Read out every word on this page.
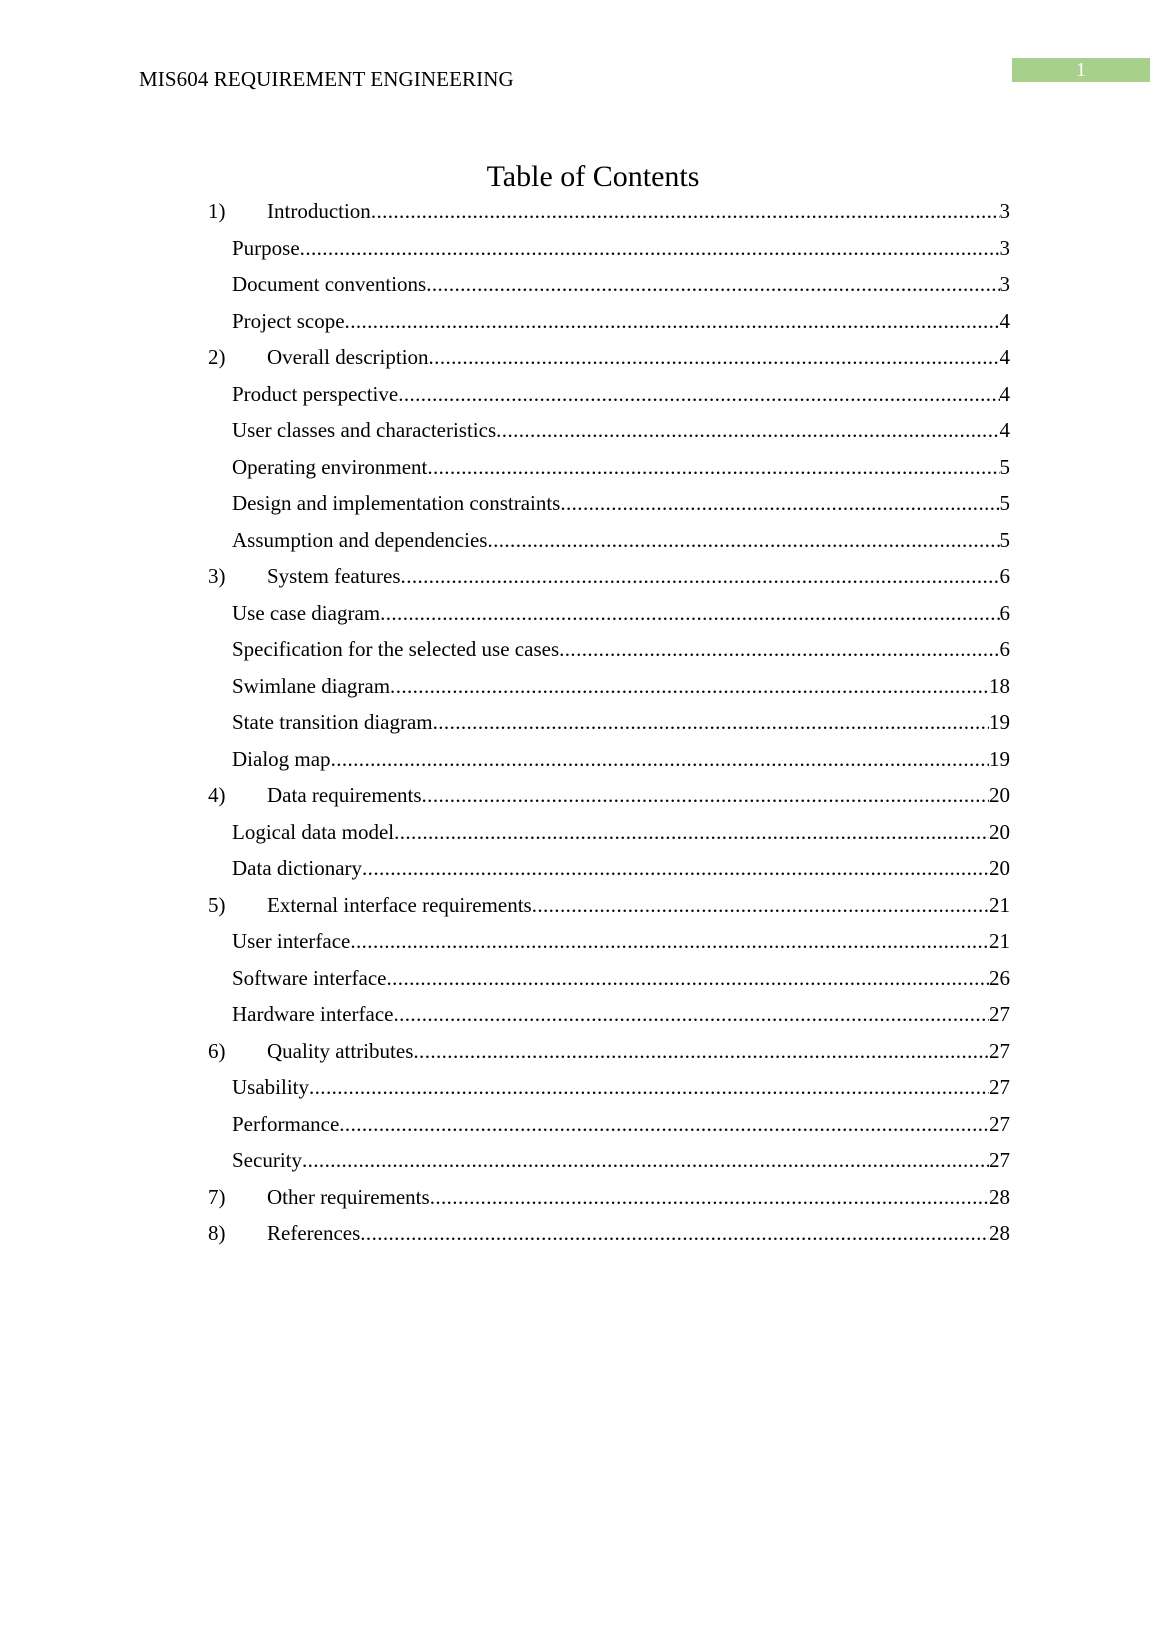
MIS604 REQUIREMENT ENGINEERING	1
Table of Contents
1) Introduction .....	3
Purpose .....	3
Document conventions .....	3
Project scope .....	4
2) Overall description .....	4
Product perspective .....	4
User classes and characteristics .....	4
Operating environment .....	5
Design and implementation constraints .....	5
Assumption and dependencies .....	5
3) System features .....	6
Use case diagram .....	6
Specification for the selected use cases .....	6
Swimlane diagram .....	18
State transition diagram .....	19
Dialog map .....	19
4) Data requirements .....	20
Logical data model .....	20
Data dictionary .....	20
5) External interface requirements .....	21
User interface .....	21
Software interface .....	26
Hardware interface .....	27
6) Quality attributes .....	27
Usability .....	27
Performance .....	27
Security .....	27
7) Other requirements .....	28
8) References .....	28
